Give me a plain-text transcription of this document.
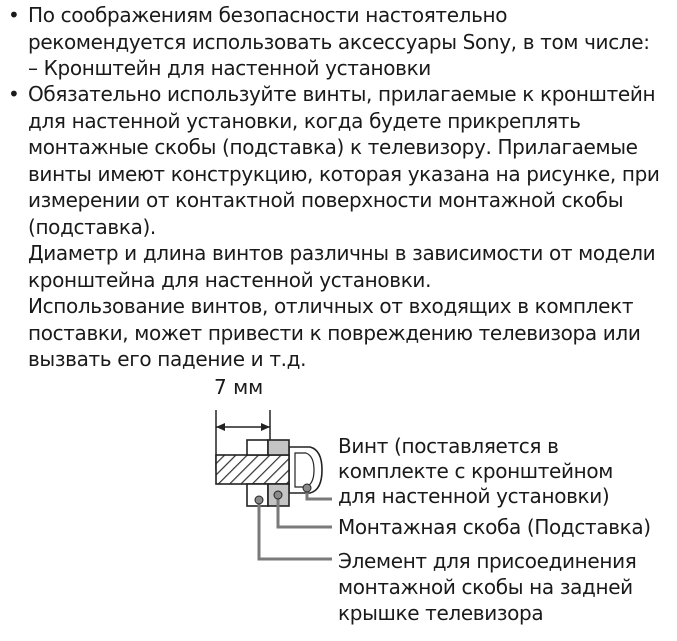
• По соображениям безопасности настоятельно
рекомендуется использовать аксессуары Sony, в том числе:
– Кронштейн для настенной установки
• Обязательно используйте винты, прилагаемые к кронштейн
для настенной установки, когда будете прикреплять
монтажные скобы (подставка) к телевизору. Прилагаемые
винты имеют конструкцию, которая указана на рисунке, при
измерении от контактной поверхности монтажной скобы
(подставка).
Диаметр и длина винтов различны в зависимости от модели
кронштейна для настенной установки.
Использование винтов, отличных от входящих в комплект
поставки, может привести к повреждению телевизора или
вызвать его падение и т.д.
7 мм
Винт (поставляется в
комплекте с кронштейном
для настенной установки)
Монтажная скоба (Подставка)
Элемент для присоединения
монтажной скобы на задней
крышке телевизора
